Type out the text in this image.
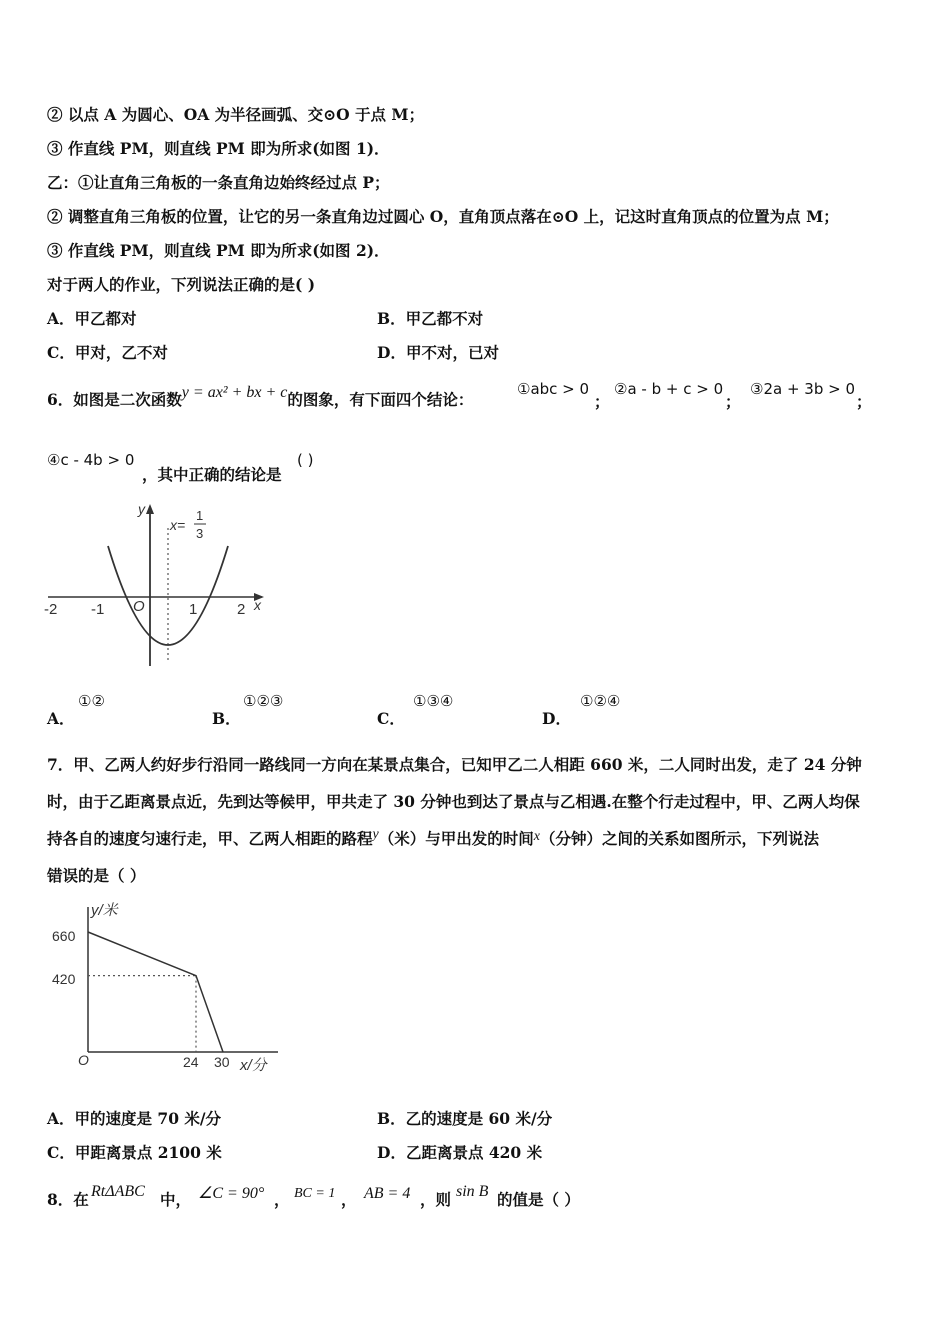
② 以点 A 为圆心、OA 为半径画弧、交⊙O 于点 M；
③ 作直线 PM，则直线 PM 即为所求(如图 1)．
乙：①让直角三角板的一条直角边始终经过点 P；
② 调整直角三角板的位置，让它的另一条直角边过圆心 O，直角顶点落在⊙O 上，记这时直角顶点的位置为点 M；
③ 作直线 PM，则直线 PM 即为所求(如图 2)．
对于两人的作业，下列说法正确的是( )
A．甲乙都对	B．甲乙都不对
C．甲对，乙不对	D．甲不对，已对
6．如图是二次函数y = ax² + bx + c的图象，有下面四个结论：
①abc > 0
；
②a - b + c > 0
；
③2a + 3b > 0
；
④c - 4b > 0
，其中正确的结论是
( )
y
x
x=
1
3
-2 -1 O	1	2
A．
①②
B．
①②③
C．
①③④
D．
①②④
7．甲、乙两人约好步行沿同一路线同一方向在某景点集合，已知甲乙二人相距 660 米，二人同时出发，走了 24 分钟
时，由于乙距离景点近，先到达等候甲，甲共走了 30 分钟也到达了景点与乙相遇.在整个行走过程中，甲、乙两人均保
持各自的速度匀速行走，甲、乙两人相距的路程y（米）与甲出发的时间x（分钟）之间的关系如图所示，下列说法
错误的是（ ）
y/米
x/分
660
420
O	24 30
A．甲的速度是 70 米/分	B．乙的速度是 60 米/分
C．甲距离景点 2100 米	D．乙距离景点 420 米
8．在 RtΔABC 中， ∠C = 90° ， BC = 1 ， AB = 4 ，则 sin B 的值是（ ）
